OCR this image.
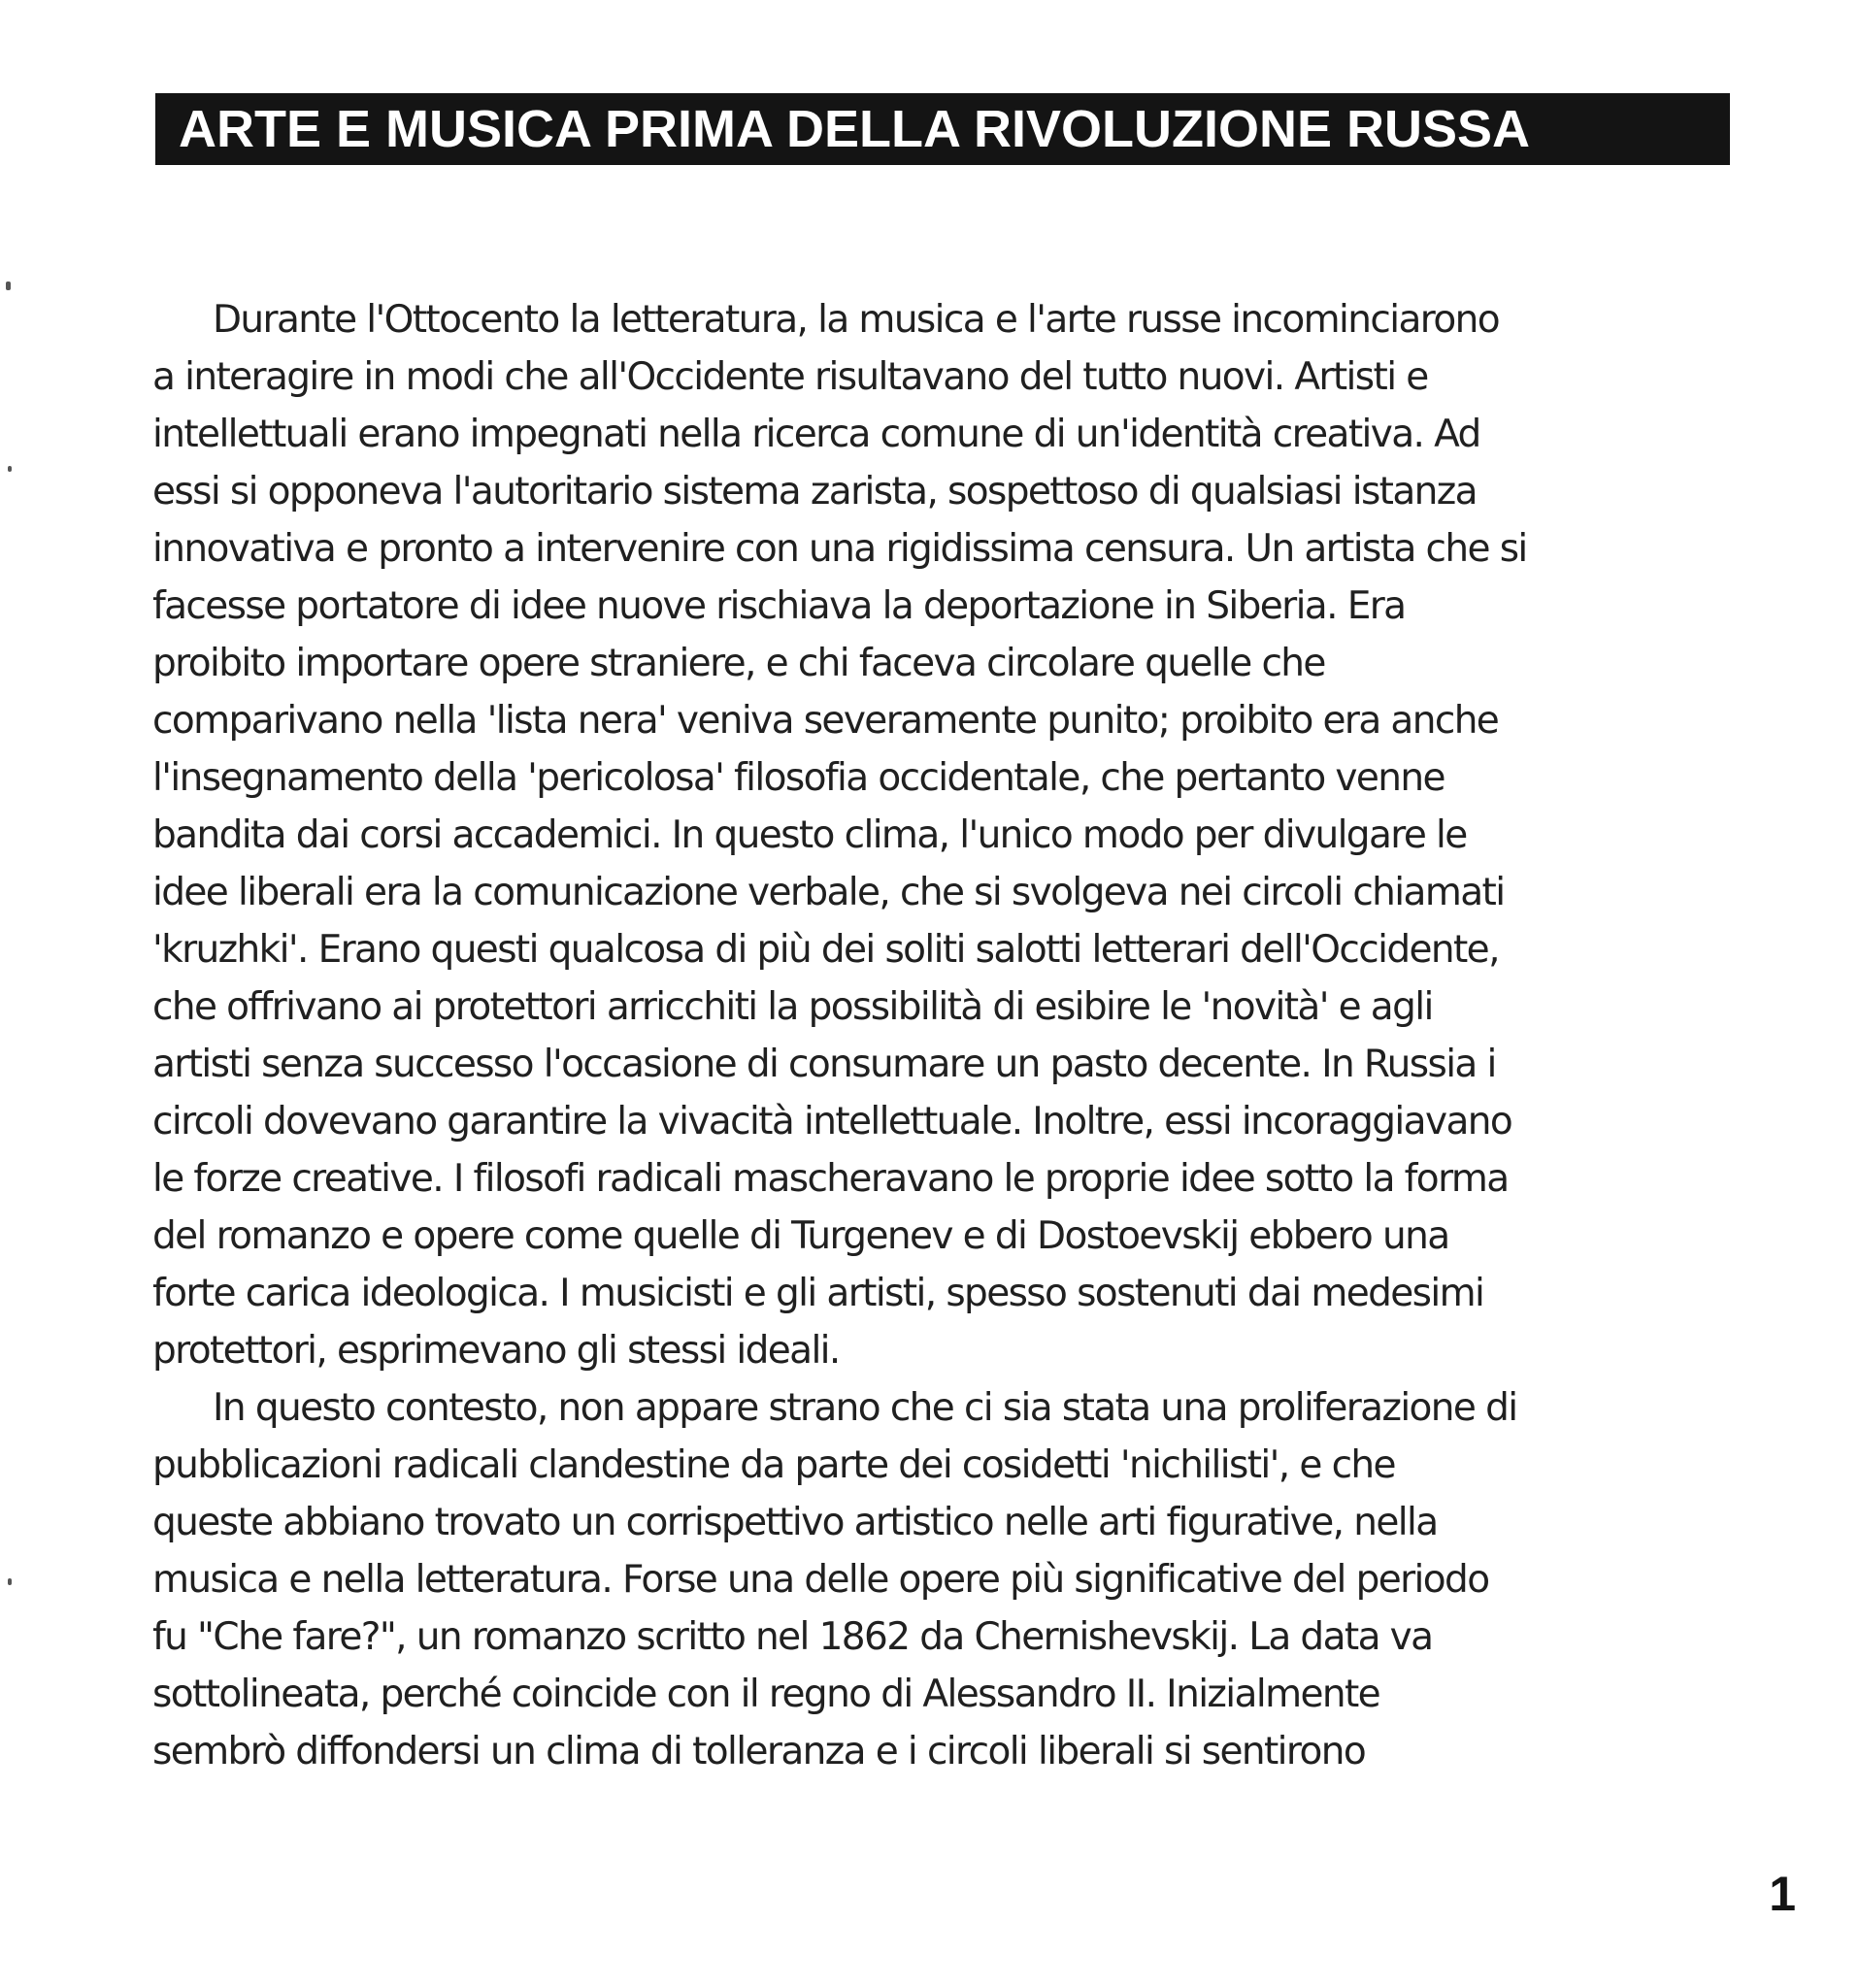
ARTE E MUSICA PRIMA DELLA RIVOLUZIONE RUSSA
Durante l'Ottocento la letteratura, la musica e l'arte russe incominciarono
a interagire in modi che all'Occidente risultavano del tutto nuovi. Artisti e
intellettuali erano impegnati nella ricerca comune di un'identità creativa. Ad
essi si opponeva l'autoritario sistema zarista, sospettoso di qualsiasi istanza
innovativa e pronto a intervenire con una rigidissima censura. Un artista che si
facesse portatore di idee nuove rischiava la deportazione in Siberia. Era
proibito importare opere straniere, e chi faceva circolare quelle che
comparivano nella 'lista nera' veniva severamente punito; proibito era anche
l'insegnamento della 'pericolosa' filosofia occidentale, che pertanto venne
bandita dai corsi accademici. In questo clima, l'unico modo per divulgare le
idee liberali era la comunicazione verbale, che si svolgeva nei circoli chiamati
'kruzhki'. Erano questi qualcosa di più dei soliti salotti letterari dell'Occidente,
che offrivano ai protettori arricchiti la possibilità di esibire le 'novità' e agli
artisti senza successo l'occasione di consumare un pasto decente. In Russia i
circoli dovevano garantire la vivacità intellettuale. Inoltre, essi incoraggiavano
le forze creative. I filosofi radicali mascheravano le proprie idee sotto la forma
del romanzo e opere come quelle di Turgenev e di Dostoevskij ebbero una
forte carica ideologica. I musicisti e gli artisti, spesso sostenuti dai medesimi
protettori, esprimevano gli stessi ideali.
In questo contesto, non appare strano che ci sia stata una proliferazione di
pubblicazioni radicali clandestine da parte dei cosidetti 'nichilisti', e che
queste abbiano trovato un corrispettivo artistico nelle arti figurative, nella
musica e nella letteratura. Forse una delle opere più significative del periodo
fu "Che fare?", un romanzo scritto nel 1862 da Chernishevskij. La data va
sottolineata, perché coincide con il regno di Alessandro II. Inizialmente
sembrò diffondersi un clima di tolleranza e i circoli liberali si sentirono
1
